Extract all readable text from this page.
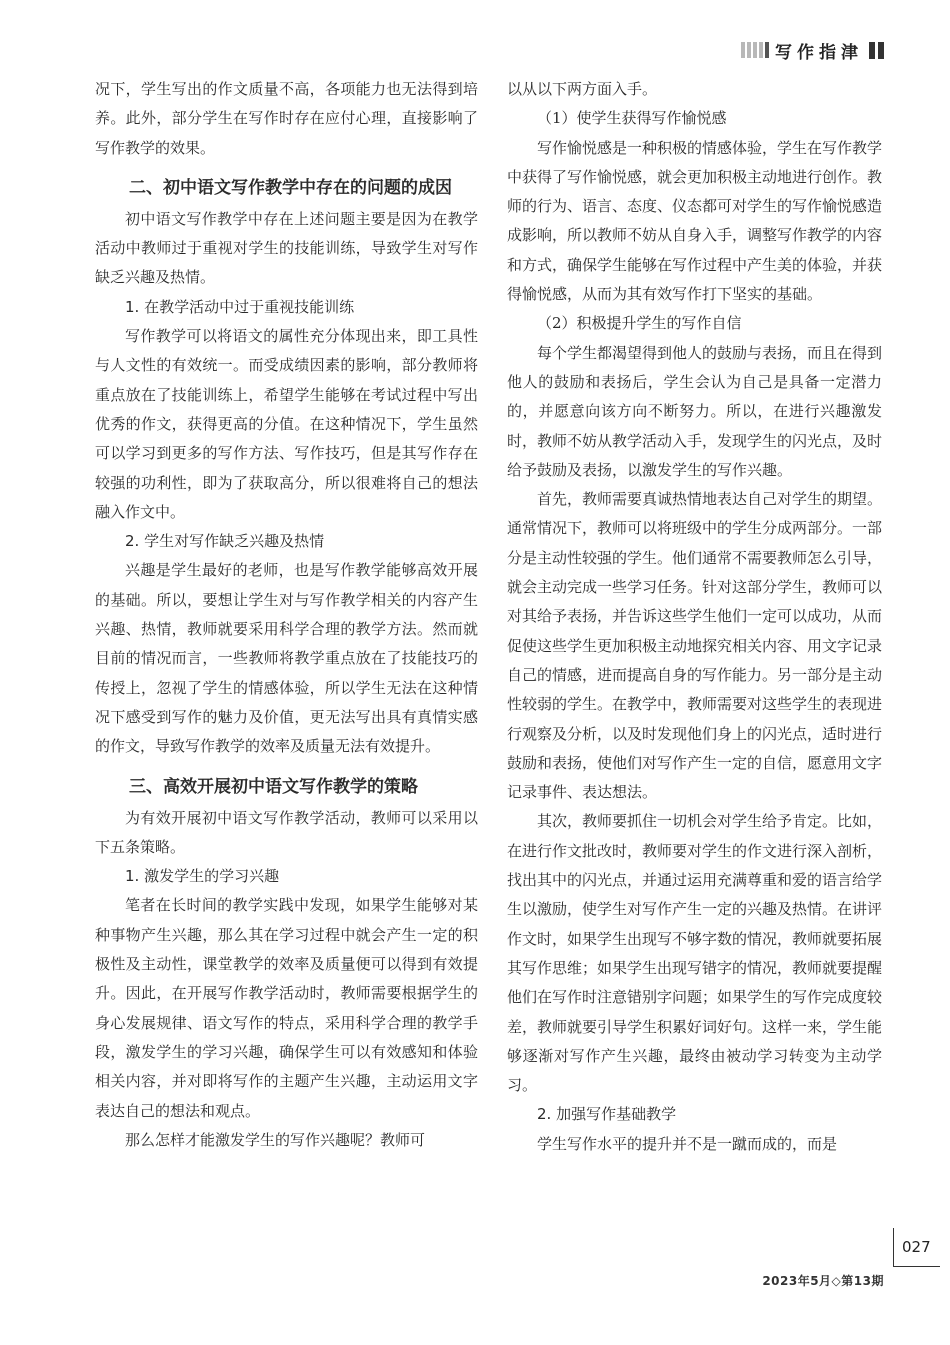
写作指津

况下，学生写出的作文质量不高，各项能力也无法得到培养。此外，部分学生在写作时存在应付心理，直接影响了写作教学的效果。

二、初中语文写作教学中存在的问题的成因

初中语文写作教学中存在上述问题主要是因为在教学活动中教师过于重视对学生的技能训练，导致学生对写作缺乏兴趣及热情。

1. 在教学活动中过于重视技能训练

写作教学可以将语文的属性充分体现出来，即工具性与人文性的有效统一。而受成绩因素的影响，部分教师将重点放在了技能训练上，希望学生能够在考试过程中写出优秀的作文，获得更高的分值。在这种情况下，学生虽然可以学习到更多的写作方法、写作技巧，但是其写作存在较强的功利性，即为了获取高分，所以很难将自己的想法融入作文中。

2. 学生对写作缺乏兴趣及热情

兴趣是学生最好的老师，也是写作教学能够高效开展的基础。所以，要想让学生对与写作教学相关的内容产生兴趣、热情，教师就要采用科学合理的教学方法。然而就目前的情况而言，一些教师将教学重点放在了技能技巧的传授上，忽视了学生的情感体验，所以学生无法在这种情况下感受到写作的魅力及价值，更无法写出具有真情实感的作文，导致写作教学的效率及质量无法有效提升。

三、高效开展初中语文写作教学的策略

为有效开展初中语文写作教学活动，教师可以采用以下五条策略。

1. 激发学生的学习兴趣

笔者在长时间的教学实践中发现，如果学生能够对某种事物产生兴趣，那么其在学习过程中就会产生一定的积极性及主动性，课堂教学的效率及质量便可以得到有效提升。因此，在开展写作教学活动时，教师需要根据学生的身心发展规律、语文写作的特点，采用科学合理的教学手段，激发学生的学习兴趣，确保学生可以有效感知和体验相关内容，并对即将写作的主题产生兴趣，主动运用文字表达自己的想法和观点。

那么怎样才能激发学生的写作兴趣呢？教师可

以从以下两方面入手。

（1）使学生获得写作愉悦感

写作愉悦感是一种积极的情感体验，学生在写作教学中获得了写作愉悦感，就会更加积极主动地进行创作。教师的行为、语言、态度、仪态都可对学生的写作愉悦感造成影响，所以教师不妨从自身入手，调整写作教学的内容和方式，确保学生能够在写作过程中产生美的体验，并获得愉悦感，从而为其有效写作打下坚实的基础。

（2）积极提升学生的写作自信

每个学生都渴望得到他人的鼓励与表扬，而且在得到他人的鼓励和表扬后，学生会认为自己是具备一定潜力的，并愿意向该方向不断努力。所以，在进行兴趣激发时，教师不妨从教学活动入手，发现学生的闪光点，及时给予鼓励及表扬，以激发学生的写作兴趣。

首先，教师需要真诚热情地表达自己对学生的期望。通常情况下，教师可以将班级中的学生分成两部分。一部分是主动性较强的学生。他们通常不需要教师怎么引导，就会主动完成一些学习任务。针对这部分学生，教师可以对其给予表扬，并告诉这些学生他们一定可以成功，从而促使这些学生更加积极主动地探究相关内容、用文字记录自己的情感，进而提高自身的写作能力。另一部分是主动性较弱的学生。在教学中，教师需要对这些学生的表现进行观察及分析，以及时发现他们身上的闪光点，适时进行鼓励和表扬，使他们对写作产生一定的自信，愿意用文字记录事件、表达想法。

其次，教师要抓住一切机会对学生给予肯定。比如，在进行作文批改时，教师要对学生的作文进行深入剖析，找出其中的闪光点，并通过运用充满尊重和爱的语言给学生以激励，使学生对写作产生一定的兴趣及热情。在讲评作文时，如果学生出现写不够字数的情况，教师就要拓展其写作思维；如果学生出现写错字的情况，教师就要提醒他们在写作时注意错别字问题；如果学生的写作完成度较差，教师就要引导学生积累好词好句。这样一来，学生能够逐渐对写作产生兴趣，最终由被动学习转变为主动学习。

2. 加强写作基础教学

学生写作水平的提升并不是一蹴而成的，而是

027
2023年5月◇第13期
